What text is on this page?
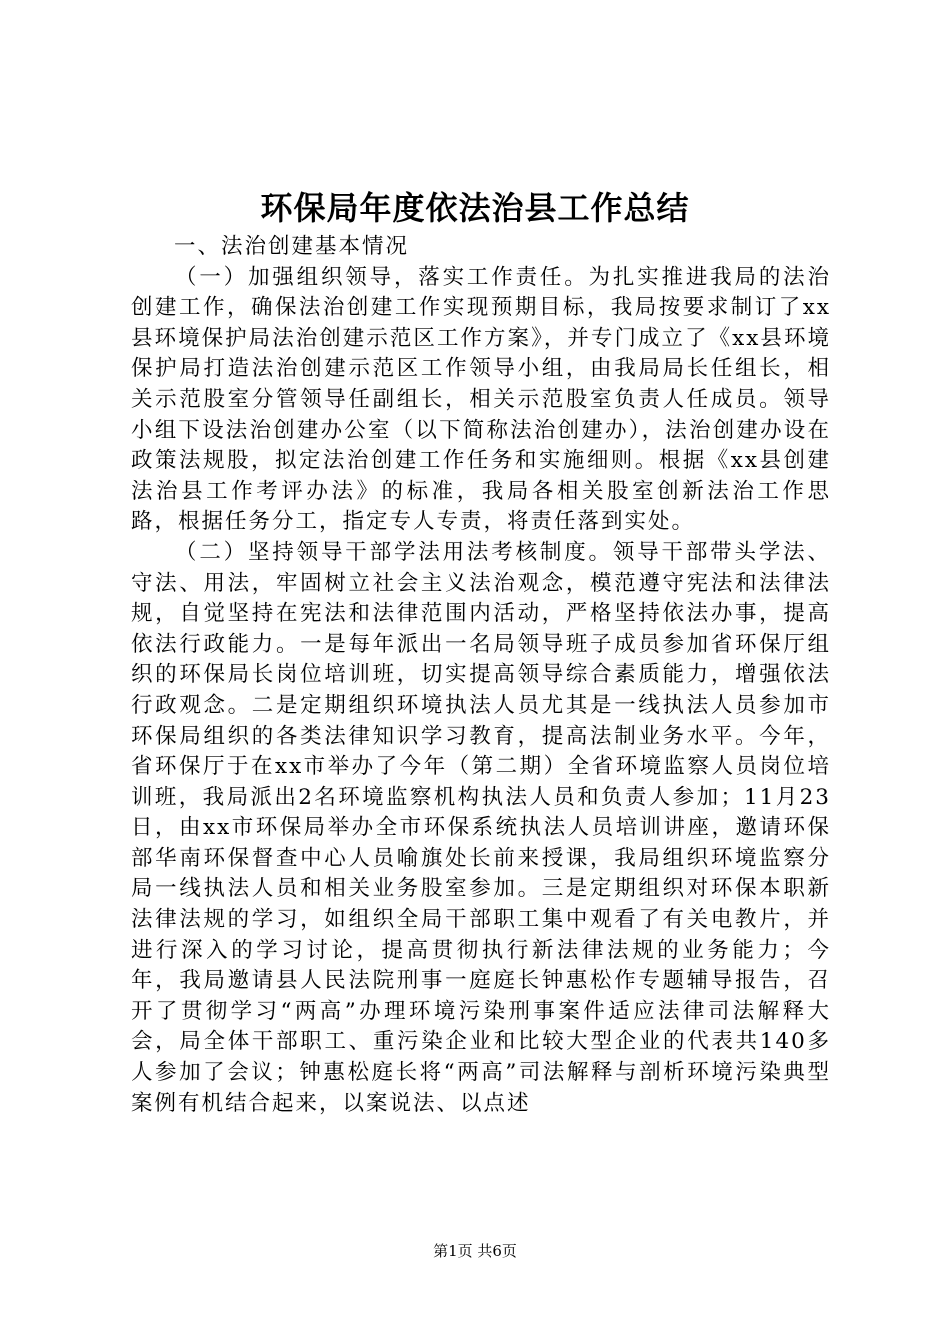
环保局年度依法治县工作总结

一、法治创建基本情况

（一）加强组织领导，落实工作责任。为扎实推进我局的法治创建工作，确保法治创建工作实现预期目标，我局按要求制订了xx县环境保护局法治创建示范区工作方案》，并专门成立了《xx县环境保护局打造法治创建示范区工作领导小组，由我局局长任组长，相关示范股室分管领导任副组长，相关示范股室负责人任成员。领导小组下设法治创建办公室（以下简称法治创建办），法治创建办设在政策法规股，拟定法治创建工作任务和实施细则。根据《xx县创建法治县工作考评办法》的标准，我局各相关股室创新法治工作思路，根据任务分工，指定专人专责，将责任落到实处。

（二）坚持领导干部学法用法考核制度。领导干部带头学法、守法、用法，牢固树立社会主义法治观念，模范遵守宪法和法律法规，自觉坚持在宪法和法律范围内活动，严格坚持依法办事，提高依法行政能力。一是每年派出一名局领导班子成员参加省环保厅组织的环保局长岗位培训班，切实提高领导综合素质能力，增强依法行政观念。二是定期组织环境执法人员尤其是一线执法人员参加市环保局组织的各类法律知识学习教育，提高法制业务水平。今年，省环保厅于在xx市举办了今年（第二期）全省环境监察人员岗位培训班，我局派出2名环境监察机构执法人员和负责人参加；11月23日，由xx市环保局举办全市环保系统执法人员培训讲座，邀请环保部华南环保督查中心人员喻旗处长前来授课，我局组织环境监察分局一线执法人员和相关业务股室参加。三是定期组织对环保本职新法律法规的学习，如组织全局干部职工集中观看了有关电教片，并进行深入的学习讨论，提高贯彻执行新法律法规的业务能力；今年，我局邀请县人民法院刑事一庭庭长钟惠松作专题辅导报告，召开了贯彻学习“两高”办理环境污染刑事案件适应法律司法解释大会，局全体干部职工、重污染企业和比较大型企业的代表共140多人参加了会议；钟惠松庭长将“两高”司法解释与剖析环境污染典型案例有机结合起来，以案说法、以点述

第1页 共6页
